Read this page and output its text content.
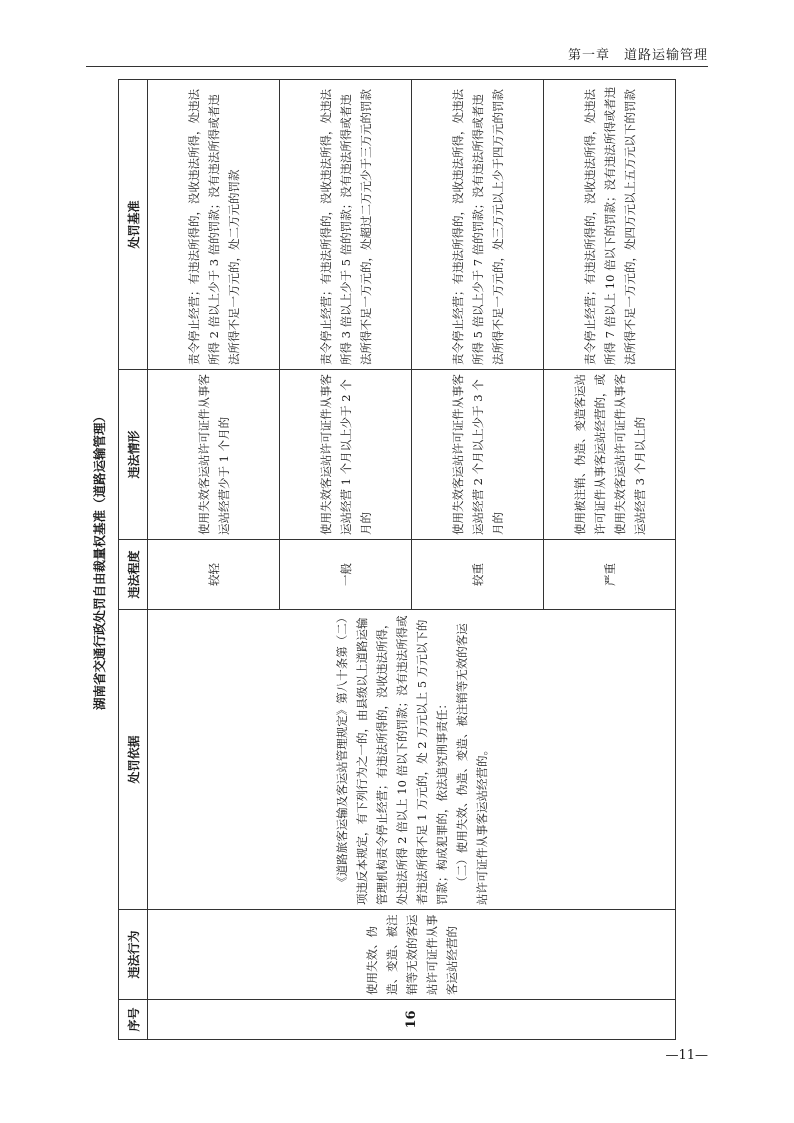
第一章　道路运输管理
湖南省交通行政处罚自由裁量权基准（道路运输管理）
序号	违法行为	处罚依据	违法程度	违法情形	处罚基准
16	使用失效、伪造、变造、被注销等无效的客运站许可证件从事客运站经营的	《道路旅客运输及客运站管理规定》第八十条第（二）项违反本规定，有下列行为之一的，由县级以上道路运输管理机构责令停止经营；有违法所得的，没收违法所得，处违法所得 2 倍以上 10 倍以下的罚款；没有违法所得或者违法所得不足 1 万元的，处 2 万元以上 5 万元以下的罚款；构成犯罪的，依法追究刑事责任： （二）使用失效、伪造、变造、被注销等无效的客运站许可证件从事客运站经营的。	较轻	使用失效客运站许可证件从事客运站经营少于 1 个月的	责令停止经营；有违法所得的，没收违法所得，处违法所得 2 倍以上少于 3 倍的罚款；没有违法所得或者违法所得不足一万元的，处二万元的罚款
			一般	使用失效客运站许可证件从事客运站经营 1 个月以上少于 2 个月的	责令停止经营；有违法所得的，没收违法所得，处违法所得 3 倍以上少于 5 倍的罚款；没有违法所得或者违法所得不足一万元的，处超过二万元少于三万元的罚款
			较重	使用失效客运站许可证件从事客运站经营 2 个月以上少于 3 个月的	责令停止经营；有违法所得的，没收违法所得，处违法所得 5 倍以上少于 7 倍的罚款；没有违法所得或者违法所得不足一万元的，处三万元以上少于四万元的罚款
			严重	使用被注销、伪造、变造客运站许可证件从事客运站经营的，或使用失效客运站许可证件从事客运站经营 3 个月以上的	责令停止经营；有违法所得的，没收违法所得，处违法所得 7 倍以上 10 倍以下的罚款；没有违法所得或者违法所得不足一万元的，处四万元以上五万元以下的罚款
—11—
